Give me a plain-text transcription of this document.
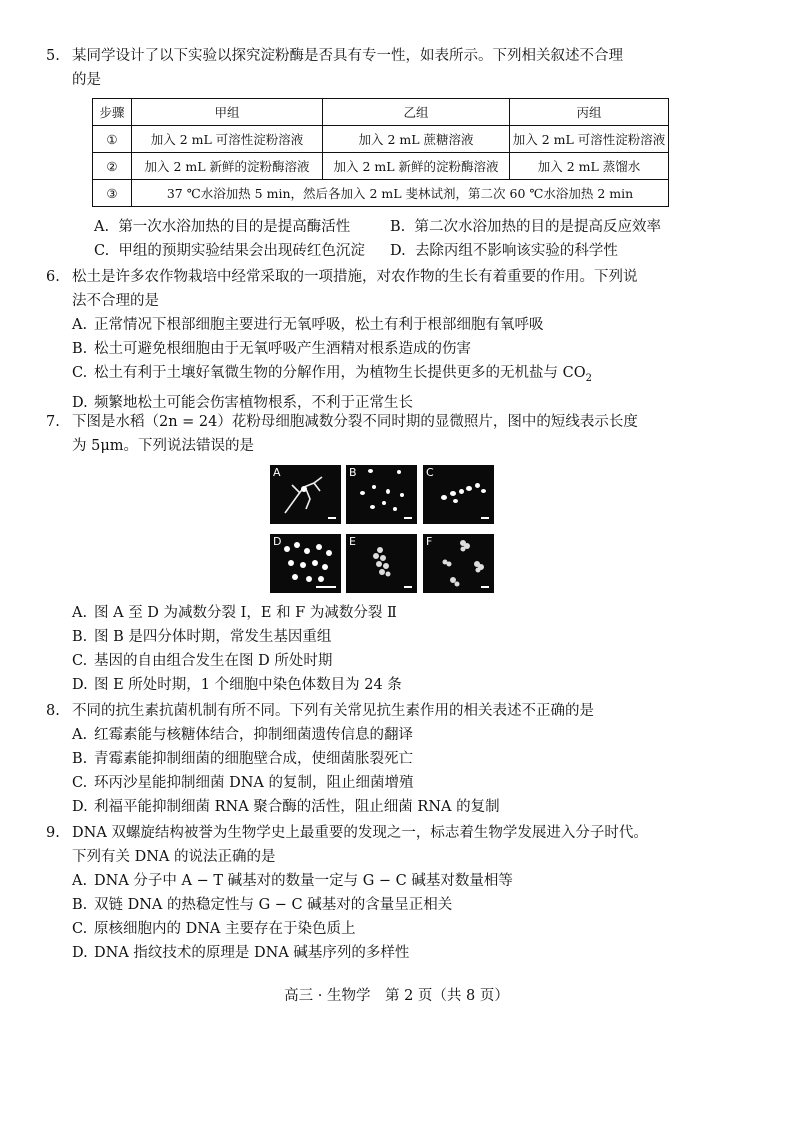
5. 某同学设计了以下实验以探究淀粉酶是否具有专一性，如表所示。下列相关叙述不合理
的是
步骤	甲组	乙组	丙组
①	加入 2 mL 可溶性淀粉溶液	加入 2 mL 蔗糖溶液	加入 2 mL 可溶性淀粉溶液
②	加入 2 mL 新鲜的淀粉酶溶液	加入 2 mL 新鲜的淀粉酶溶液	加入 2 mL 蒸馏水
③	37 ℃水浴加热 5 min，然后各加入 2 mL 斐林试剂，第二次 60 ℃水浴加热 2 min		
A. 第一次水浴加热的目的是提高酶活性	B. 第二次水浴加热的目的是提高反应效率
C. 甲组的预期实验结果会出现砖红色沉淀	D. 去除丙组不影响该实验的科学性
6. 松土是许多农作物栽培中经常采取的一项措施，对农作物的生长有着重要的作用。下列说
法不合理的是
A. 正常情况下根部细胞主要进行无氧呼吸，松土有利于根部细胞有氧呼吸
B. 松土可避免根细胞由于无氧呼吸产生酒精对根系造成的伤害
C. 松土有利于土壤好氧微生物的分解作用，为植物生长提供更多的无机盐与 $CO_2$
D. 频繁地松土可能会伤害植物根系，不利于正常生长
7. 下图是水稻（2n = 24）花粉母细胞减数分裂不同时期的显微照片，图中的短线表示长度
为 5μm。下列说法错误的是
A	B	C
D	E	F
A. 图 A 至 D 为减数分裂 Ⅰ，E 和 F 为减数分裂 Ⅱ
B. 图 B 是四分体时期，常发生基因重组
C. 基因的自由组合发生在图 D 所处时期
D. 图 E 所处时期，1 个细胞中染色体数目为 24 条
8. 不同的抗生素抗菌机制有所不同。下列有关常见抗生素作用的相关表述不正确的是
A. 红霉素能与核糖体结合，抑制细菌遗传信息的翻译
B. 青霉素能抑制细菌的细胞壁合成，使细菌胀裂死亡
C. 环丙沙星能抑制细菌 DNA 的复制，阻止细菌增殖
D. 利福平能抑制细菌 RNA 聚合酶的活性，阻止细菌 RNA 的复制
9. DNA 双螺旋结构被誉为生物学史上最重要的发现之一，标志着生物学发展进入分子时代。
下列有关 DNA 的说法正确的是
A. DNA 分子中 A − T 碱基对的数量一定与 G − C 碱基对数量相等
B. 双链 DNA 的热稳定性与 G − C 碱基对的含量呈正相关
C. 原核细胞内的 DNA 主要存在于染色质上
D. DNA 指纹技术的原理是 DNA 碱基序列的多样性
高三 · 生物学　第 2 页（共 8 页）
